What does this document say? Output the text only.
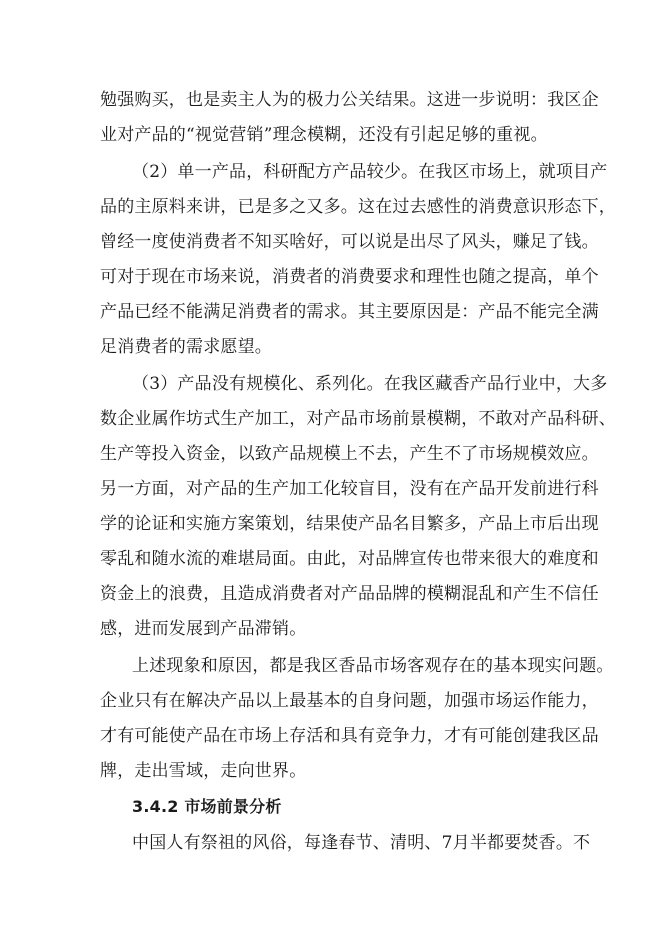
勉强购买，也是卖主人为的极力公关结果。这进一步说明：我区企
业对产品的“视觉营销”理念模糊，还没有引起足够的重视。
（2）单一产品，科研配方产品较少。在我区市场上，就项目产
品的主原料来讲，已是多之又多。这在过去感性的消费意识形态下，
曾经一度使消费者不知买啥好，可以说是出尽了风头，赚足了钱。
可对于现在市场来说，消费者的消费要求和理性也随之提高，单个
产品已经不能满足消费者的需求。其主要原因是：产品不能完全满
足消费者的需求愿望。
（3）产品没有规模化、系列化。在我区藏香产品行业中，大多
数企业属作坊式生产加工，对产品市场前景模糊，不敢对产品科研、
生产等投入资金，以致产品规模上不去，产生不了市场规模效应。
另一方面，对产品的生产加工化较盲目，没有在产品开发前进行科
学的论证和实施方案策划，结果使产品名目繁多，产品上市后出现
零乱和随水流的难堪局面。由此，对品牌宣传也带来很大的难度和
资金上的浪费，且造成消费者对产品品牌的模糊混乱和产生不信任
感，进而发展到产品滞销。
上述现象和原因，都是我区香品市场客观存在的基本现实问题。
企业只有在解决产品以上最基本的自身问题，加强市场运作能力，
才有可能使产品在市场上存活和具有竞争力，才有可能创建我区品
牌，走出雪域，走向世界。
3.4.2 市场前景分析
中国人有祭祖的风俗，每逢春节、清明、7月半都要焚香。不
